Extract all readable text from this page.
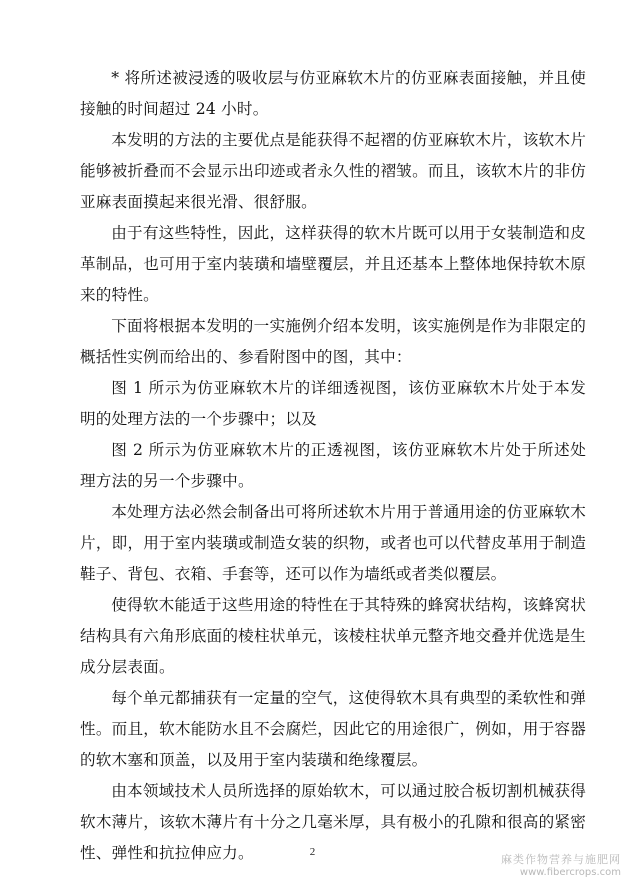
* 将所述被浸透的吸收层与仿亚麻软木片的仿亚麻表面接触，并且使接触的时间超过 24 小时。

本发明的方法的主要优点是能获得不起褶的仿亚麻软木片，该软木片能够被折叠而不会显示出印迹或者永久性的褶皱。而且，该软木片的非仿亚麻表面摸起来很光滑、很舒服。

由于有这些特性，因此，这样获得的软木片既可以用于女装制造和皮革制品，也可用于室内装璜和墙壁覆层，并且还基本上整体地保持软木原来的特性。

下面将根据本发明的一实施例介绍本发明，该实施例是作为非限定的概括性实例而给出的、参看附图中的图，其中：

图 1 所示为仿亚麻软木片的详细透视图，该仿亚麻软木片处于本发明的处理方法的一个步骤中；以及

图 2 所示为仿亚麻软木片的正透视图，该仿亚麻软木片处于所述处理方法的另一个步骤中。

本处理方法必然会制备出可将所述软木片用于普通用途的仿亚麻软木片，即，用于室内装璜或制造女装的织物，或者也可以代替皮革用于制造鞋子、背包、衣箱、手套等，还可以作为墙纸或者类似覆层。

使得软木能适于这些用途的特性在于其特殊的蜂窝状结构，该蜂窝状结构具有六角形底面的棱柱状单元，该棱柱状单元整齐地交叠并优选是生成分层表面。

每个单元都捕获有一定量的空气，这使得软木具有典型的柔软性和弹性。而且，软木能防水且不会腐烂，因此它的用途很广，例如，用于容器的软木塞和顶盖，以及用于室内装璜和绝缘覆层。

由本领域技术人员所选择的原始软木，可以通过胶合板切割机械获得软木薄片，该软木薄片有十分之几毫米厚，具有极小的孔隙和很高的紧密性、弹性和抗拉伸应力。	2
麻类作物营养与施肥网
www.fibercrops.com
